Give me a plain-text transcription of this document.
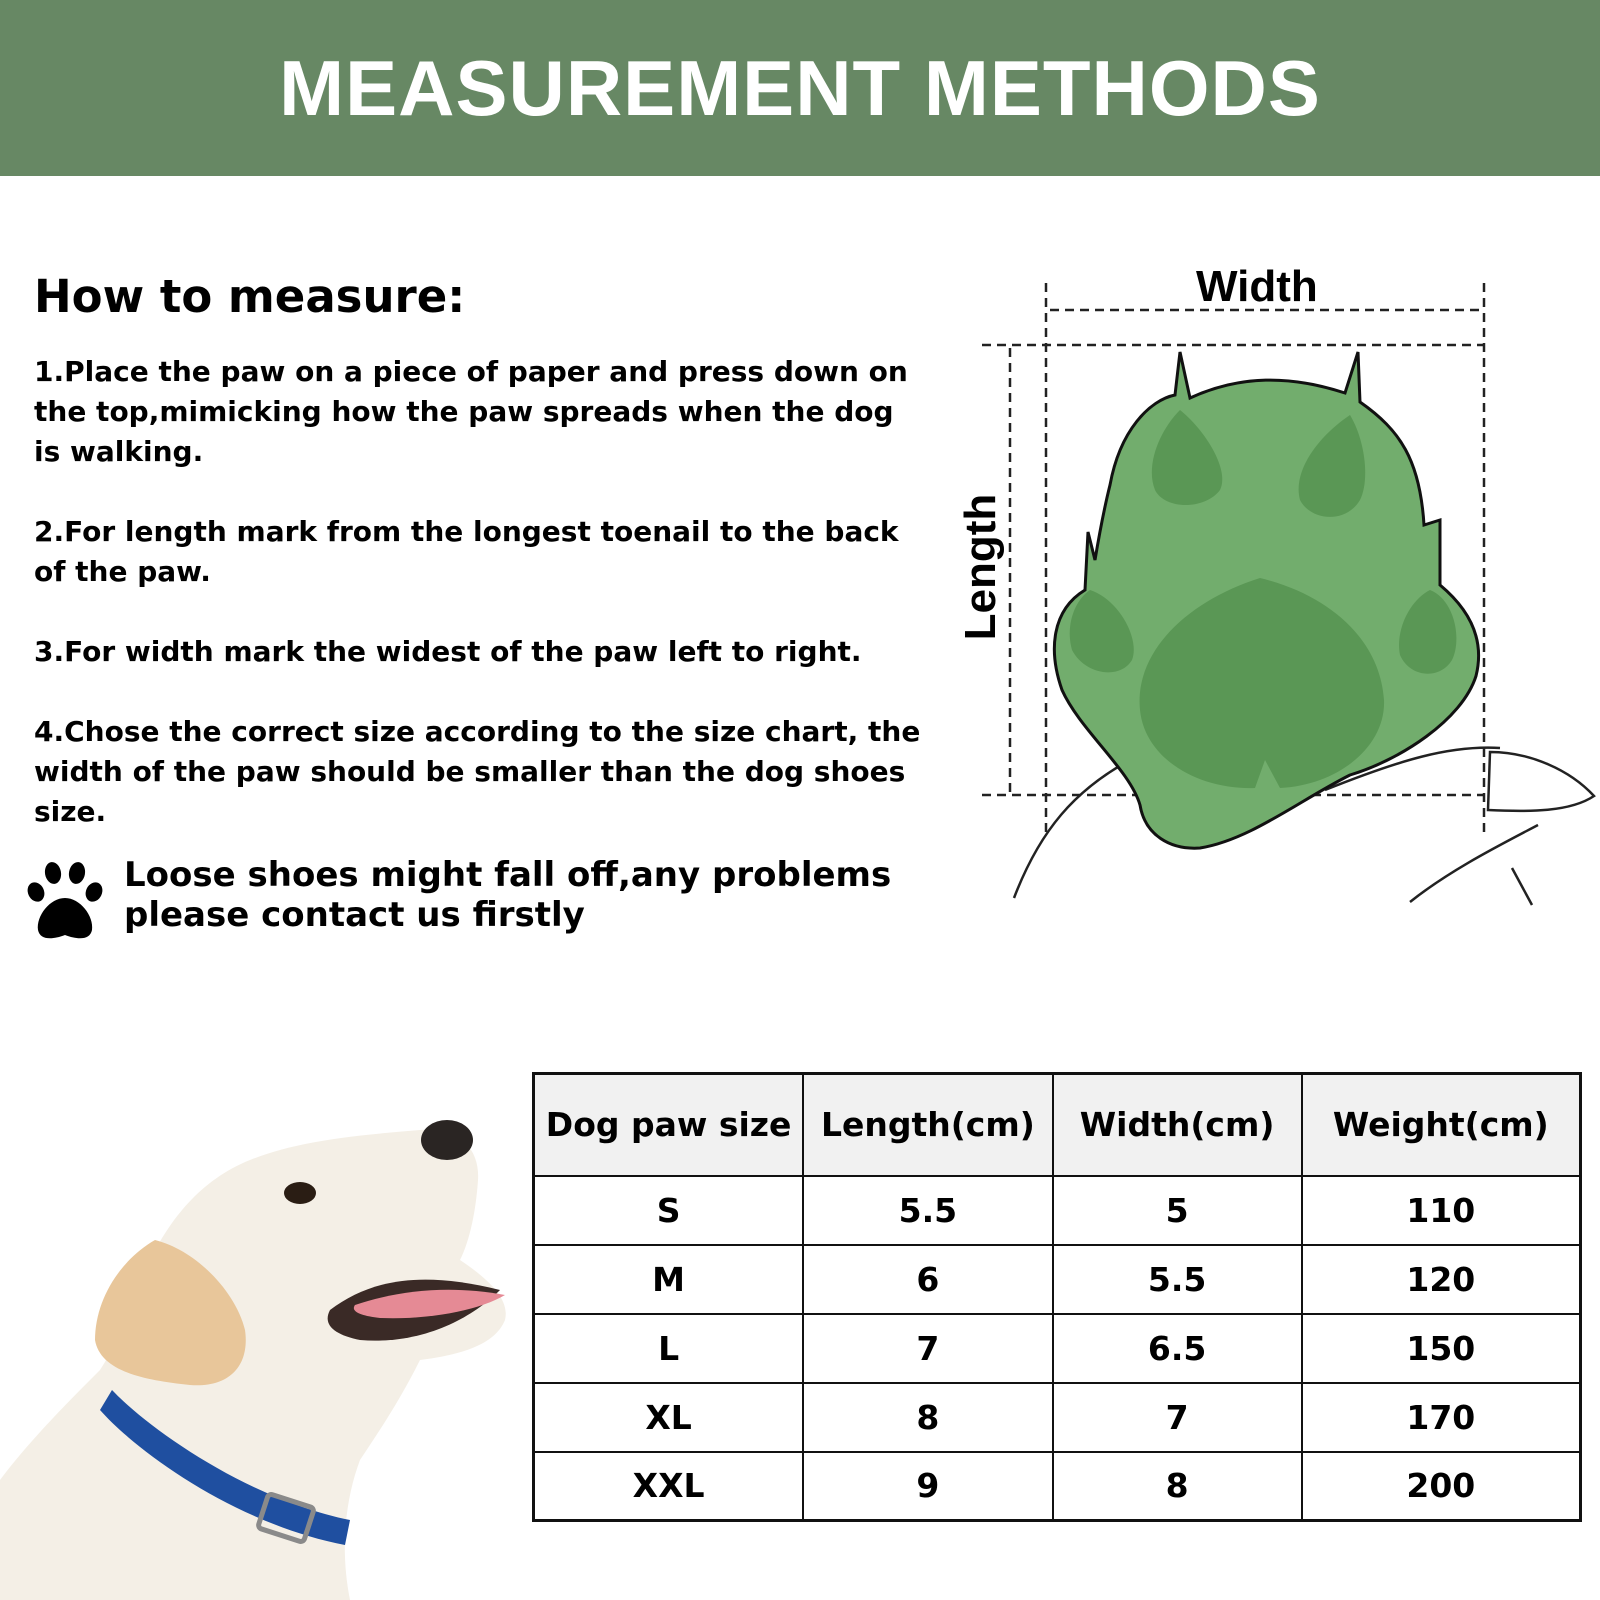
MEASUREMENT METHODS
How to measure:

1.Place the paw on a piece of paper and press down on the top,mimicking how the paw spreads when the dog is walking.

2.For length mark from the longest toenail to the back of the paw.

3.For width mark the widest of the paw left to right.

4.Chose the correct size according to the size chart, the width of the paw should be smaller than the dog shoes size.

Loose shoes might fall off,any problems please contact us firstly
Width
Length
Dog paw size	Length(cm)	Width(cm)	Weight(cm)
S	5.5	5	110
M	6	5.5	120
L	7	6.5	150
XL	8	7	170
XXL	9	8	200
